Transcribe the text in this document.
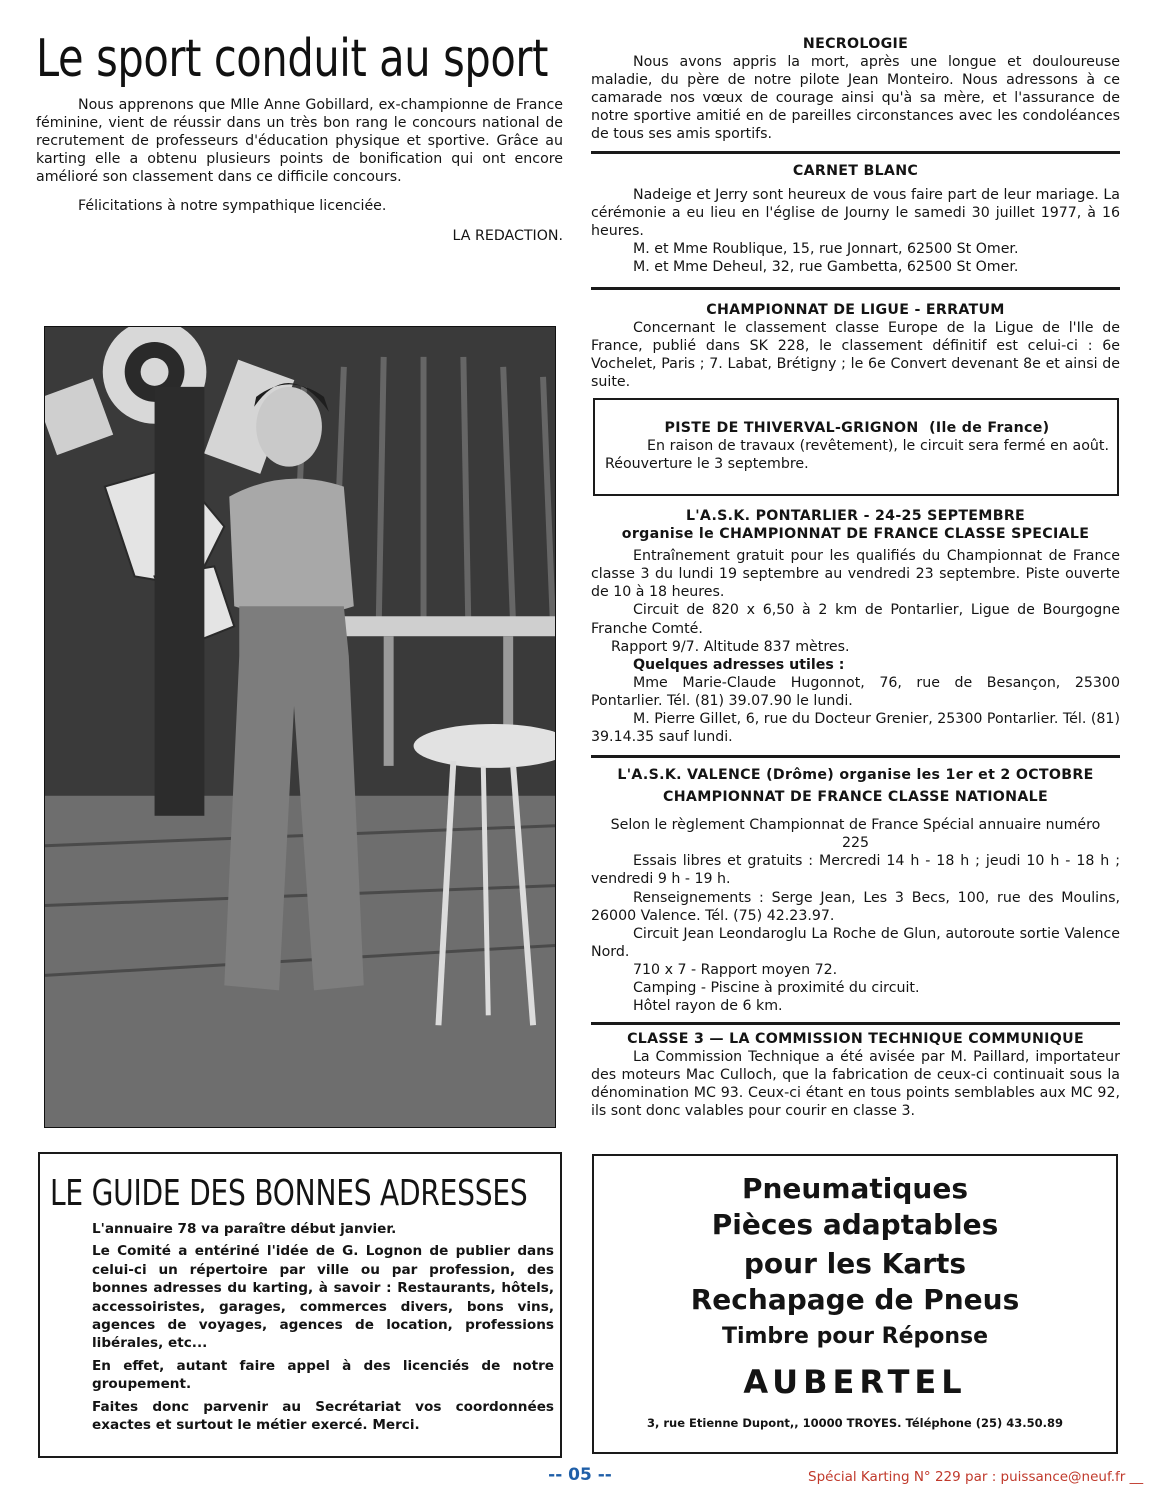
Le sport conduit au sport

Nous apprenons que Mlle Anne Gobillard, ex-championne de France féminine, vient de réussir dans un très bon rang le concours national de recrutement de professeurs d'éducation physique et sportive. Grâce au karting elle a obtenu plusieurs points de bonification qui ont encore amélioré son classement dans ce difficile concours.

Félicitations à notre sympathique licenciée.

LA REDACTION.

NECROLOGIE

Nous avons appris la mort, après une longue et douloureuse maladie, du père de notre pilote Jean Monteiro. Nous adressons à ce camarade nos vœux de courage ainsi qu'à sa mère, et l'assurance de notre sportive amitié en de pareilles circonstances avec les condoléances de tous ses amis sportifs.

CARNET BLANC

Nadeige et Jerry sont heureux de vous faire part de leur mariage. La cérémonie a eu lieu en l'église de Journy le samedi 30 juillet 1977, à 16 heures.

M. et Mme Roublique, 15, rue Jonnart, 62500 St Omer.

M. et Mme Deheul, 32, rue Gambetta, 62500 St Omer.

CHAMPIONNAT DE LIGUE - ERRATUM

Concernant le classement classe Europe de la Ligue de l'Ile de France, publié dans SK 228, le classement définitif est celui-ci : 6e Vochelet, Paris ; 7. Labat, Brétigny ; le 6e Convert devenant 8e et ainsi de suite.

PISTE DE THIVERVAL-GRIGNON (Ile de France)

En raison de travaux (revêtement), le circuit sera fermé en août. Réouverture le 3 septembre.

L'A.S.K. PONTARLIER - 24-25 SEPTEMBRE
organise le CHAMPIONNAT DE FRANCE CLASSE SPECIALE

Entraînement gratuit pour les qualifiés du Championnat de France classe 3 du lundi 19 septembre au vendredi 23 septembre. Piste ouverte de 10 à 18 heures.

Circuit de 820 x 6,50 à 2 km de Pontarlier, Ligue de Bourgogne Franche Comté.

Rapport 9/7. Altitude 837 mètres.

Quelques adresses utiles :

Mme Marie-Claude Hugonnot, 76, rue de Besançon, 25300 Pontarlier. Tél. (81) 39.07.90 le lundi.

M. Pierre Gillet, 6, rue du Docteur Grenier, 25300 Pontarlier. Tél. (81) 39.14.35 sauf lundi.

L'A.S.K. VALENCE (Drôme) organise les 1er et 2 OCTOBRE
CHAMPIONNAT DE FRANCE CLASSE NATIONALE

Selon le règlement Championnat de France Spécial annuaire numéro 225

Essais libres et gratuits : Mercredi 14 h - 18 h ; jeudi 10 h - 18 h ; vendredi 9 h - 19 h.

Renseignements : Serge Jean, Les 3 Becs, 100, rue des Moulins, 26000 Valence. Tél. (75) 42.23.97.

Circuit Jean Leondaroglu La Roche de Glun, autoroute sortie Valence Nord.

710 x 7 - Rapport moyen 72.

Camping - Piscine à proximité du circuit.

Hôtel rayon de 6 km.

CLASSE 3 — LA COMMISSION TECHNIQUE COMMUNIQUE

La Commission Technique a été avisée par M. Paillard, importateur des moteurs Mac Culloch, que la fabrication de ceux-ci continuait sous la dénomination MC 93. Ceux-ci étant en tous points semblables aux MC 92, ils sont donc valables pour courir en classe 3.

LE GUIDE DES BONNES ADRESSES

L'annuaire 78 va paraître début janvier.

Le Comité a entériné l'idée de G. Lognon de publier dans celui-ci un répertoire par ville ou par profession, des bonnes adresses du karting, à savoir : Restaurants, hôtels, accessoiristes, garages, commerces divers, bons vins, agences de voyages, agences de location, professions libérales, etc...

En effet, autant faire appel à des licenciés de notre groupement.

Faites donc parvenir au Secrétariat vos coordonnées exactes et surtout le métier exercé. Merci.

Pneumatiques
Pièces adaptables
pour les Karts
Rechapage de Pneus
Timbre pour Réponse
AUBERTEL
3, rue Etienne Dupont,, 10000 TROYES. Téléphone (25) 43.50.89
-- 05 --	Spécial Karting N° 229 par : puissance@neuf.fr __
